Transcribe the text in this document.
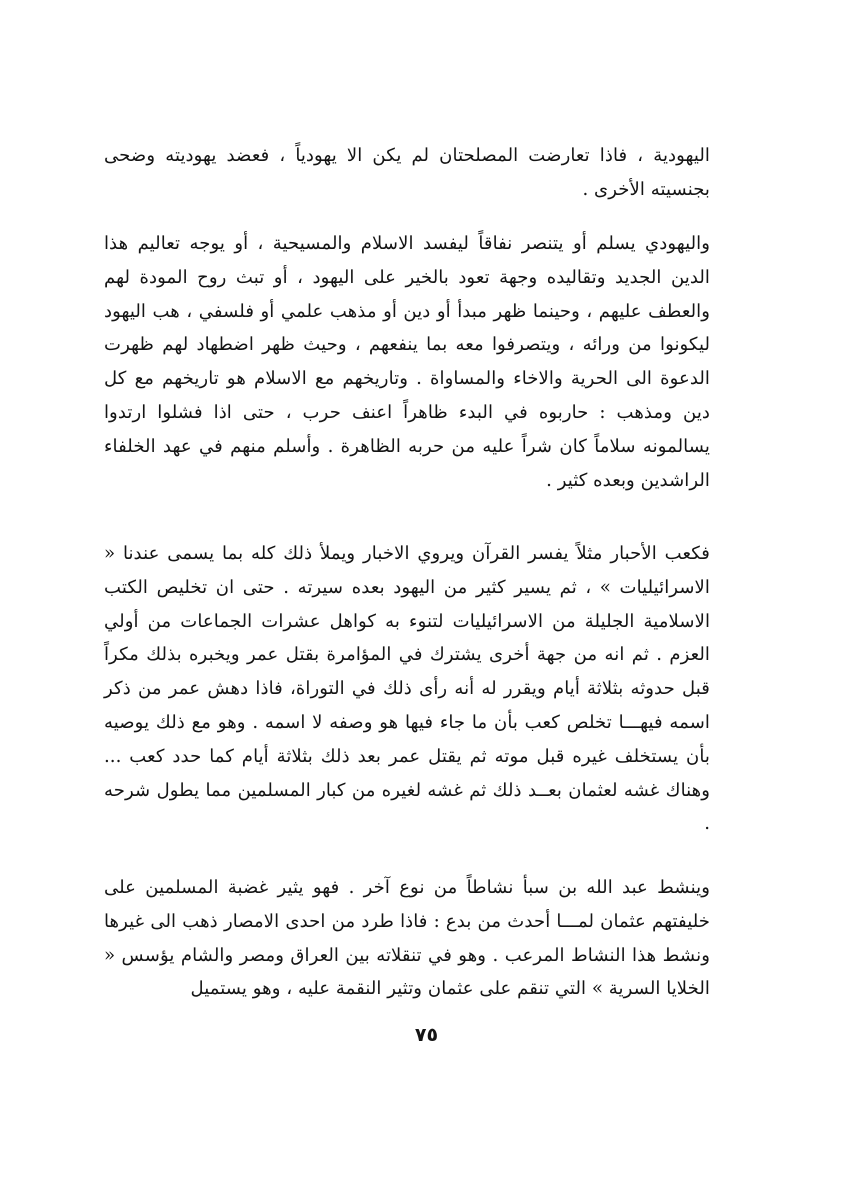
اليهودية ، فاذا تعارضت المصلحتان لم يكن الا يهودياً ، فعضد يهوديته وضحى بجنسيته الأخرى .

واليهودي يسلم أو يتنصر نفاقاً ليفسد الاسلام والمسيحية ، أو يوجه تعاليم هذا الدين الجديد وتقاليده وجهة تعود بالخير على اليهود ، أو تبث روح المودة لهم والعطف عليهم ، وحينما ظهر مبدأ أو دين أو مذهب علمي أو فلسفي ، هب اليهود ليكونوا من ورائه ، ويتصرفوا معه بما ينفعهم ، وحيث ظهر اضطهاد لهم ظهرت الدعوة الى الحرية والاخاء والمساواة . وتاريخهم مع الاسلام هو تاريخهم مع كل دين ومذهب : حاربوه في البدء ظاهراً اعنف حرب ، حتى اذا فشلوا ارتدوا يسالمونه سلاماً كان شراً عليه من حربه الظاهرة . وأسلم منهم في عهد الخلفاء الراشدين وبعده كثير .

فكعب الأحبار مثلاً يفسر القرآن ويروي الاخبار ويملأ ذلك كله بما يسمى عندنا « الاسرائيليات » ، ثم يسير كثير من اليهود بعده سيرته . حتى ان تخليص الكتب الاسلامية الجليلة من الاسرائيليات لتنوء به كواهل عشرات الجماعات من أولي العزم . ثم انه من جهة أخرى يشترك في المؤامرة بقتل عمر ويخبره بذلك مكراً قبل حدوثه بثلاثة أيام ويقرر له أنه رأى ذلك في التوراة، فاذا دهش عمر من ذكر اسمه فيهـــا تخلص كعب بأن ما جاء فيها هو وصفه لا اسمه . وهو مع ذلك يوصيه بأن يستخلف غيره قبل موته ثم يقتل عمر بعد ذلك بثلاثة أيام كما حدد كعب ... وهناك غشه لعثمان بعــد ذلك ثم غشه لغيره من كبار المسلمين مما يطول شرحه .

وينشط عبد الله بن سبأ نشاطاً من نوع آخر . فهو يثير غضبة المسلمين على خليفتهم عثمان لمـــا أحدث من بدع : فاذا طرد من احدى الامصار ذهب الى غيرها ونشط هذا النشاط المرعب . وهو في تنقلاته بين العراق ومصر والشام يؤسس « الخلايا السرية » التي تنقم على عثمان وتثير النقمة عليه ، وهو يستميل

٧٥
